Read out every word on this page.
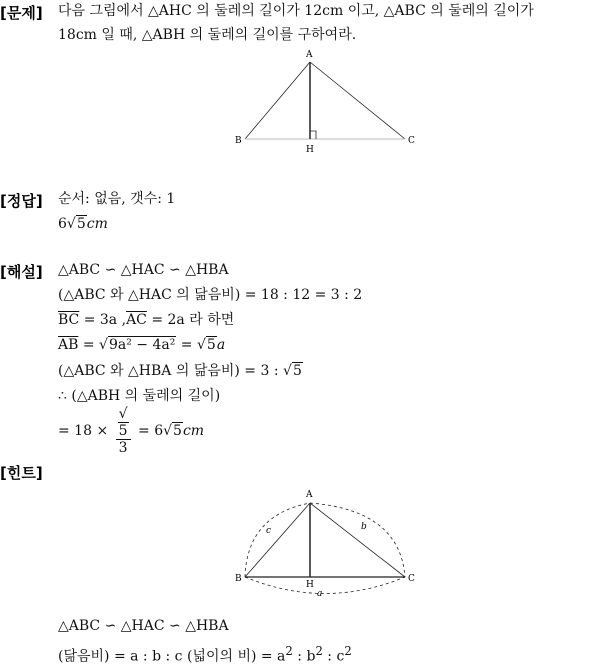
[문제] 다음 그림에서 △AHC 의 둘레의 길이가 12cm 이고, △ABC 의 둘레의 길이가
18cm 일 때, △ABH 의 둘레의 길이를 구하여라.
A
B	C
H
[정답] 순서: 없음, 갯수: 1
6√5cm
[해설] △ABC ∽ △HAC ∽ △HBA
(△ABC 와 △HAC 의 닮음비) = 18 : 12 = 3 : 2
$\overline{BC} = 3a$ $,\overline{AC} = 2a$ 라 하면
$\overline{AB} = √9a^2 - 4a^2 = √5a$
(△ABC 와 △HBA 의 닮음비) = 3 : √5
∴ (△ABH 의 둘레의 길이)
= 18 × √
5
3 = 6√5cm
[힌트]
A
B	C
H
c	b
a
△ABC ∽ △HAC ∽ △HBA
(닮음비) = a : b : c (넓이의 비) = $a^2$ : $b^2$ : $c^2$
